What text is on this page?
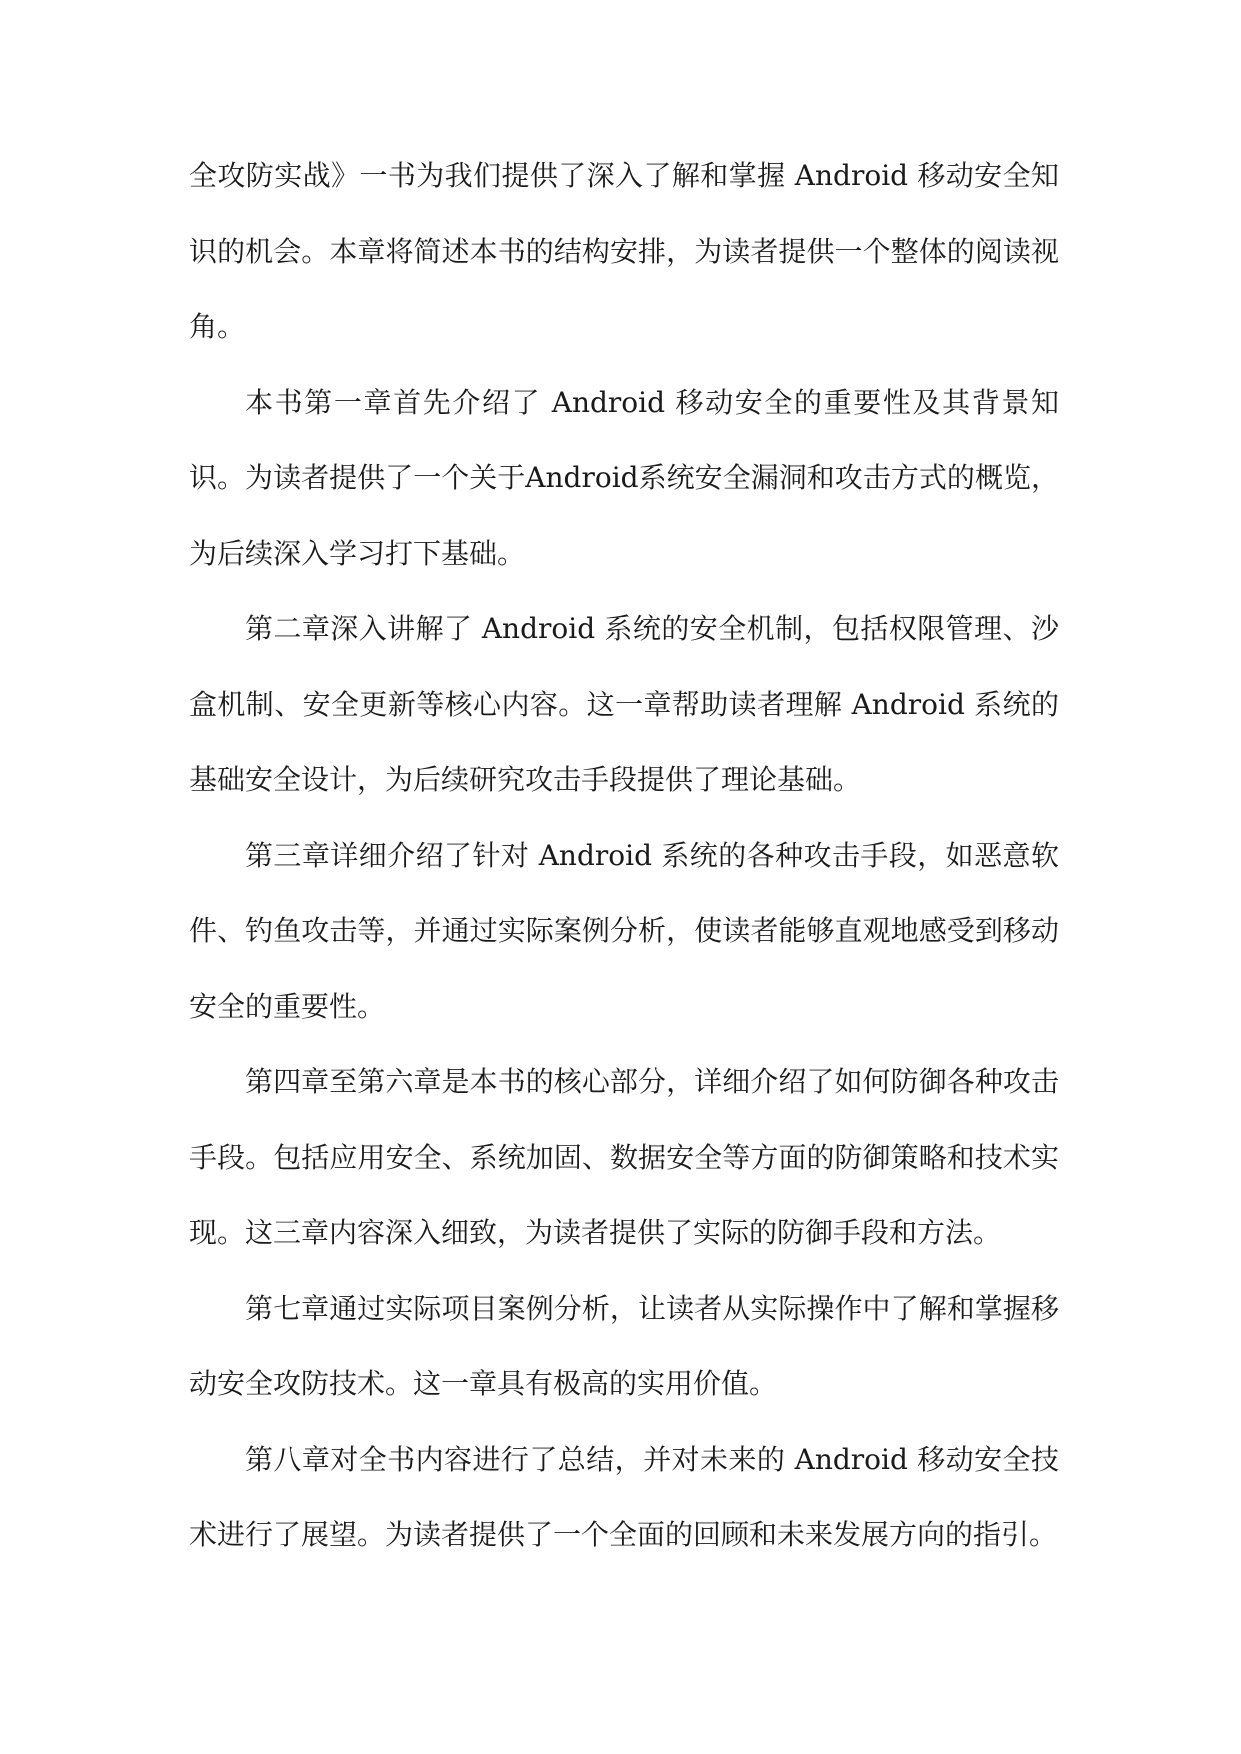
全攻防实战》一书为我们提供了深入了解和掌握 Android 移动安全知识的机会。本章将简述本书的结构安排，为读者提供一个整体的阅读视角。

本书第一章首先介绍了 Android 移动安全的重要性及其背景知识。为读者提供了一个关于Android系统安全漏洞和攻击方式的概览，为后续深入学习打下基础。

第二章深入讲解了 Android 系统的安全机制，包括权限管理、沙盒机制、安全更新等核心内容。这一章帮助读者理解 Android 系统的基础安全设计，为后续研究攻击手段提供了理论基础。

第三章详细介绍了针对 Android 系统的各种攻击手段，如恶意软件、钓鱼攻击等，并通过实际案例分析，使读者能够直观地感受到移动安全的重要性。

第四章至第六章是本书的核心部分，详细介绍了如何防御各种攻击手段。包括应用安全、系统加固、数据安全等方面的防御策略和技术实现。这三章内容深入细致，为读者提供了实际的防御手段和方法。

第七章通过实际项目案例分析，让读者从实际操作中了解和掌握移动安全攻防技术。这一章具有极高的实用价值。

第八章对全书内容进行了总结，并对未来的 Android 移动安全技术进行了展望。为读者提供了一个全面的回顾和未来发展方向的指引。
